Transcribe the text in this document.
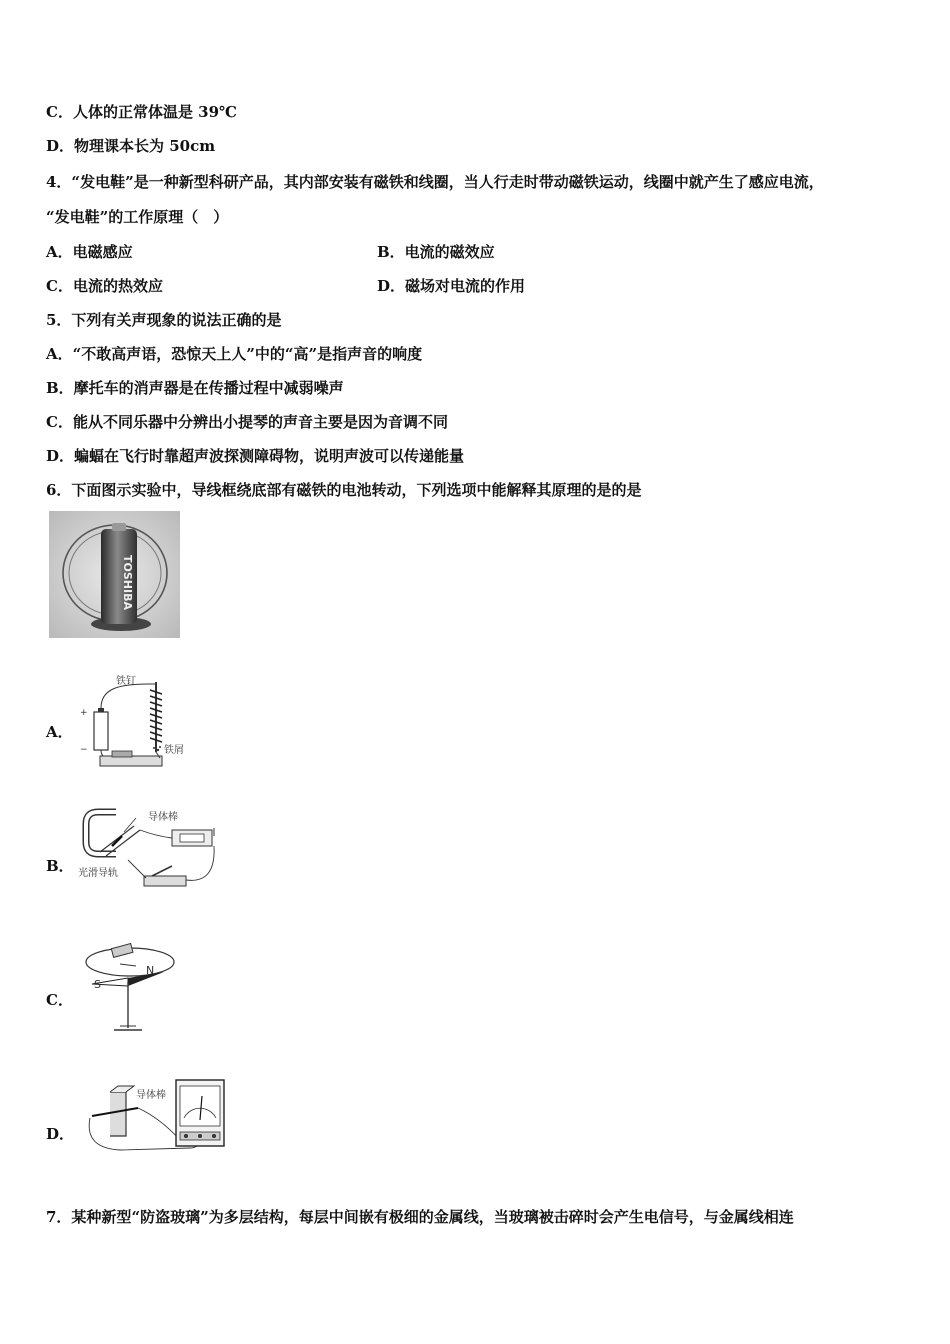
C．人体的正常体温是 39℃
D．物理课本长为 50cm
4．“发电鞋”是一种新型科研产品，其内部安装有磁铁和线圈，当人行走时带动磁铁运动，线圈中就产生了感应电流，
“发电鞋”的工作原理（　）
A．电磁感应	B．电流的磁效应
C．电流的热效应	D．磁场对电流的作用
5．下列有关声现象的说法正确的是
A．“不敢高声语，恐惊天上人”中的“高”是指声音的响度
B．摩托车的消声器是在传播过程中减弱噪声
C．能从不同乐器中分辨出小提琴的声音主要是因为音调不同
D．蝙蝠在飞行时靠超声波探测障碍物，说明声波可以传递能量
6．下面图示实验中，导线框绕底部有磁铁的电池转动，下列选项中能解释其原理的是的是
TOSHIBA
A．
+
−
铁钉
铁屑
B．
导体棒
光滑导轨
C．
S
N
D．
导体棒
7．某种新型“防盗玻璃”为多层结构，每层中间嵌有极细的金属线，当玻璃被击碎时会产生电信号，与金属线相连
